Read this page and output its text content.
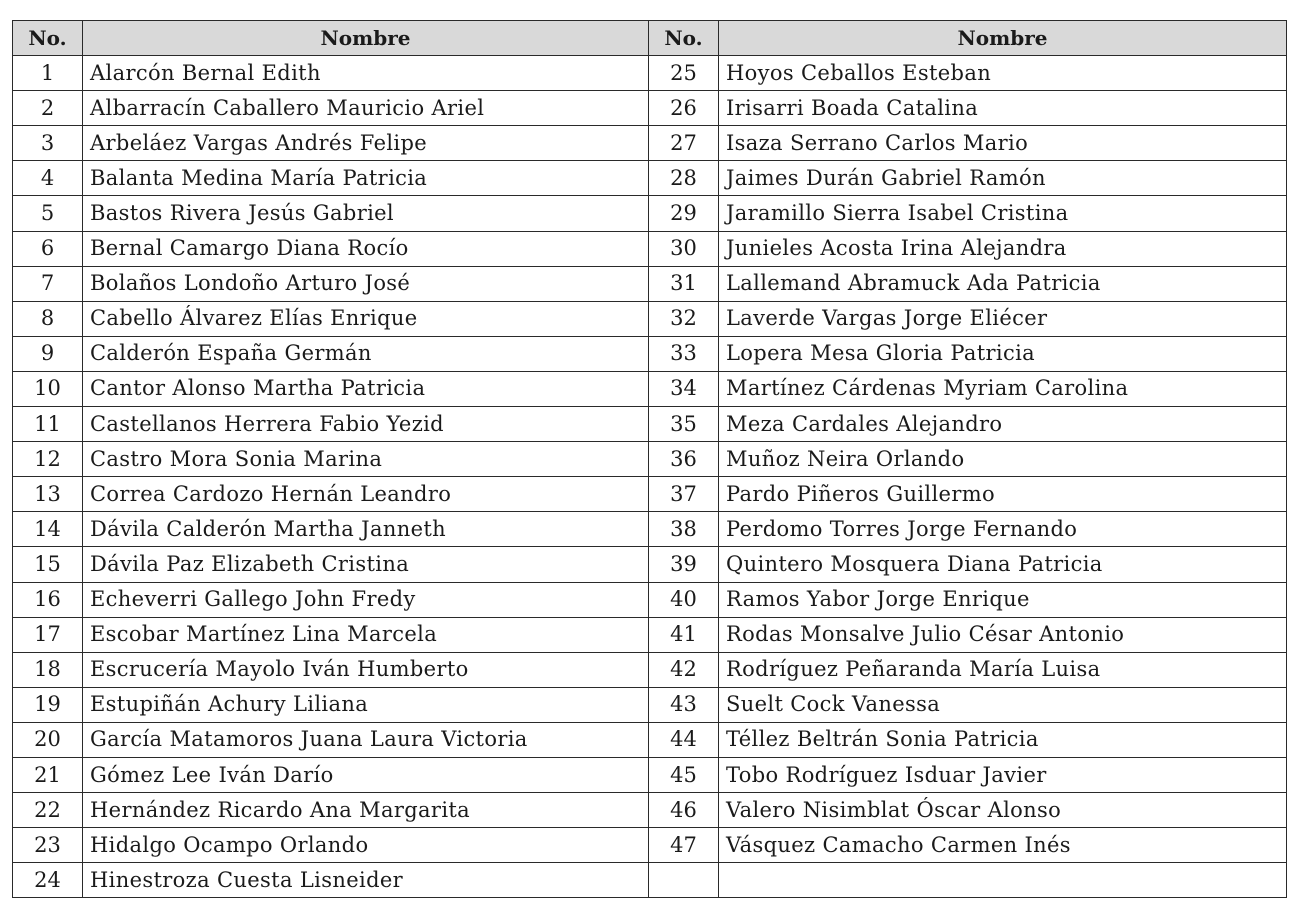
No.	Nombre	No.	Nombre
1	Alarcón Bernal Edith	25	Hoyos Ceballos Esteban
2	Albarracín Caballero Mauricio Ariel	26	Irisarri Boada Catalina
3	Arbeláez Vargas Andrés Felipe	27	Isaza Serrano Carlos Mario
4	Balanta Medina María Patricia	28	Jaimes Durán Gabriel Ramón
5	Bastos Rivera Jesús Gabriel	29	Jaramillo Sierra Isabel Cristina
6	Bernal Camargo Diana Rocío	30	Junieles Acosta Irina Alejandra
7	Bolaños Londoño Arturo José	31	Lallemand Abramuck Ada Patricia
8	Cabello Álvarez Elías Enrique	32	Laverde Vargas Jorge Eliécer
9	Calderón España Germán	33	Lopera Mesa Gloria Patricia
10	Cantor Alonso Martha Patricia	34	Martínez Cárdenas Myriam Carolina
11	Castellanos Herrera Fabio Yezid	35	Meza Cardales Alejandro
12	Castro Mora Sonia Marina	36	Muñoz Neira Orlando
13	Correa Cardozo Hernán Leandro	37	Pardo Piñeros Guillermo
14	Dávila Calderón Martha Janneth	38	Perdomo Torres Jorge Fernando
15	Dávila Paz Elizabeth Cristina	39	Quintero Mosquera Diana Patricia
16	Echeverri Gallego John Fredy	40	Ramos Yabor Jorge Enrique
17	Escobar Martínez Lina Marcela	41	Rodas Monsalve Julio César Antonio
18	Escrucería Mayolo Iván Humberto	42	Rodríguez Peñaranda María Luisa
19	Estupiñán Achury Liliana	43	Suelt Cock Vanessa
20	García Matamoros Juana Laura Victoria	44	Téllez Beltrán Sonia Patricia
21	Gómez Lee Iván Darío	45	Tobo Rodríguez Isduar Javier
22	Hernández Ricardo Ana Margarita	46	Valero Nisimblat Óscar Alonso
23	Hidalgo Ocampo Orlando	47	Vásquez Camacho Carmen Inés
24	Hinestroza Cuesta Lisneider		
